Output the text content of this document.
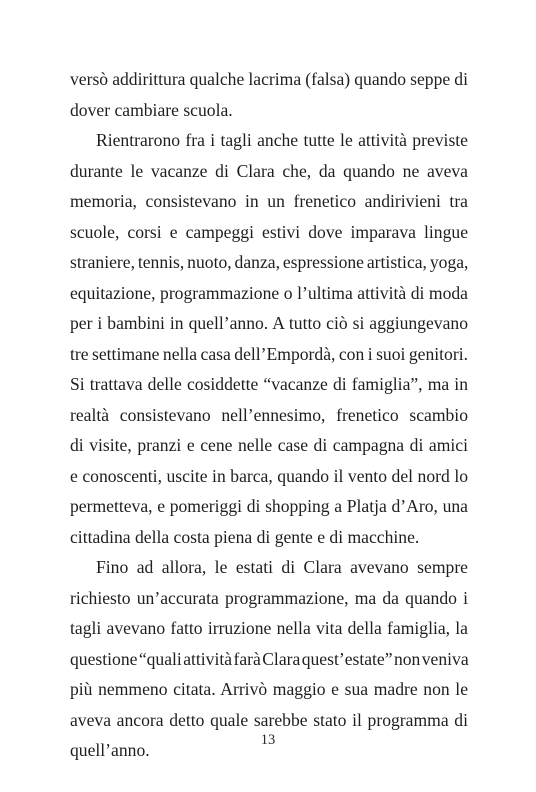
versò addirittura qualche lacrima (falsa) quando seppe di
dover cambiare scuola.

Rientrarono fra i tagli anche tutte le attività previste
durante le vacanze di Clara che, da quando ne aveva
memoria, consistevano in un frenetico andirivieni tra
scuole, corsi e campeggi estivi dove imparava lingue
straniere, tennis, nuoto, danza, espressione artistica, yoga,
equitazione, programmazione o l’ultima attività di moda
per i bambini in quell’anno. A tutto ciò si aggiungevano
tre settimane nella casa dell’Empordà, con i suoi genitori.
Si trattava delle cosiddette “vacanze di famiglia”, ma in
realtà consistevano nell’ennesimo, frenetico scambio
di visite, pranzi e cene nelle case di campagna di amici
e conoscenti, uscite in barca, quando il vento del nord lo
permetteva, e pomeriggi di shopping a Platja d’Aro, una
cittadina della costa piena di gente e di macchine.

Fino ad allora, le estati di Clara avevano sempre
richiesto un’accurata programmazione, ma da quando i
tagli avevano fatto irruzione nella vita della famiglia, la
questione “quali attività farà Clara quest’estate” non veniva
più nemmeno citata. Arrivò maggio e sua madre non le
aveva ancora detto quale sarebbe stato il programma di
quell’anno.	13
